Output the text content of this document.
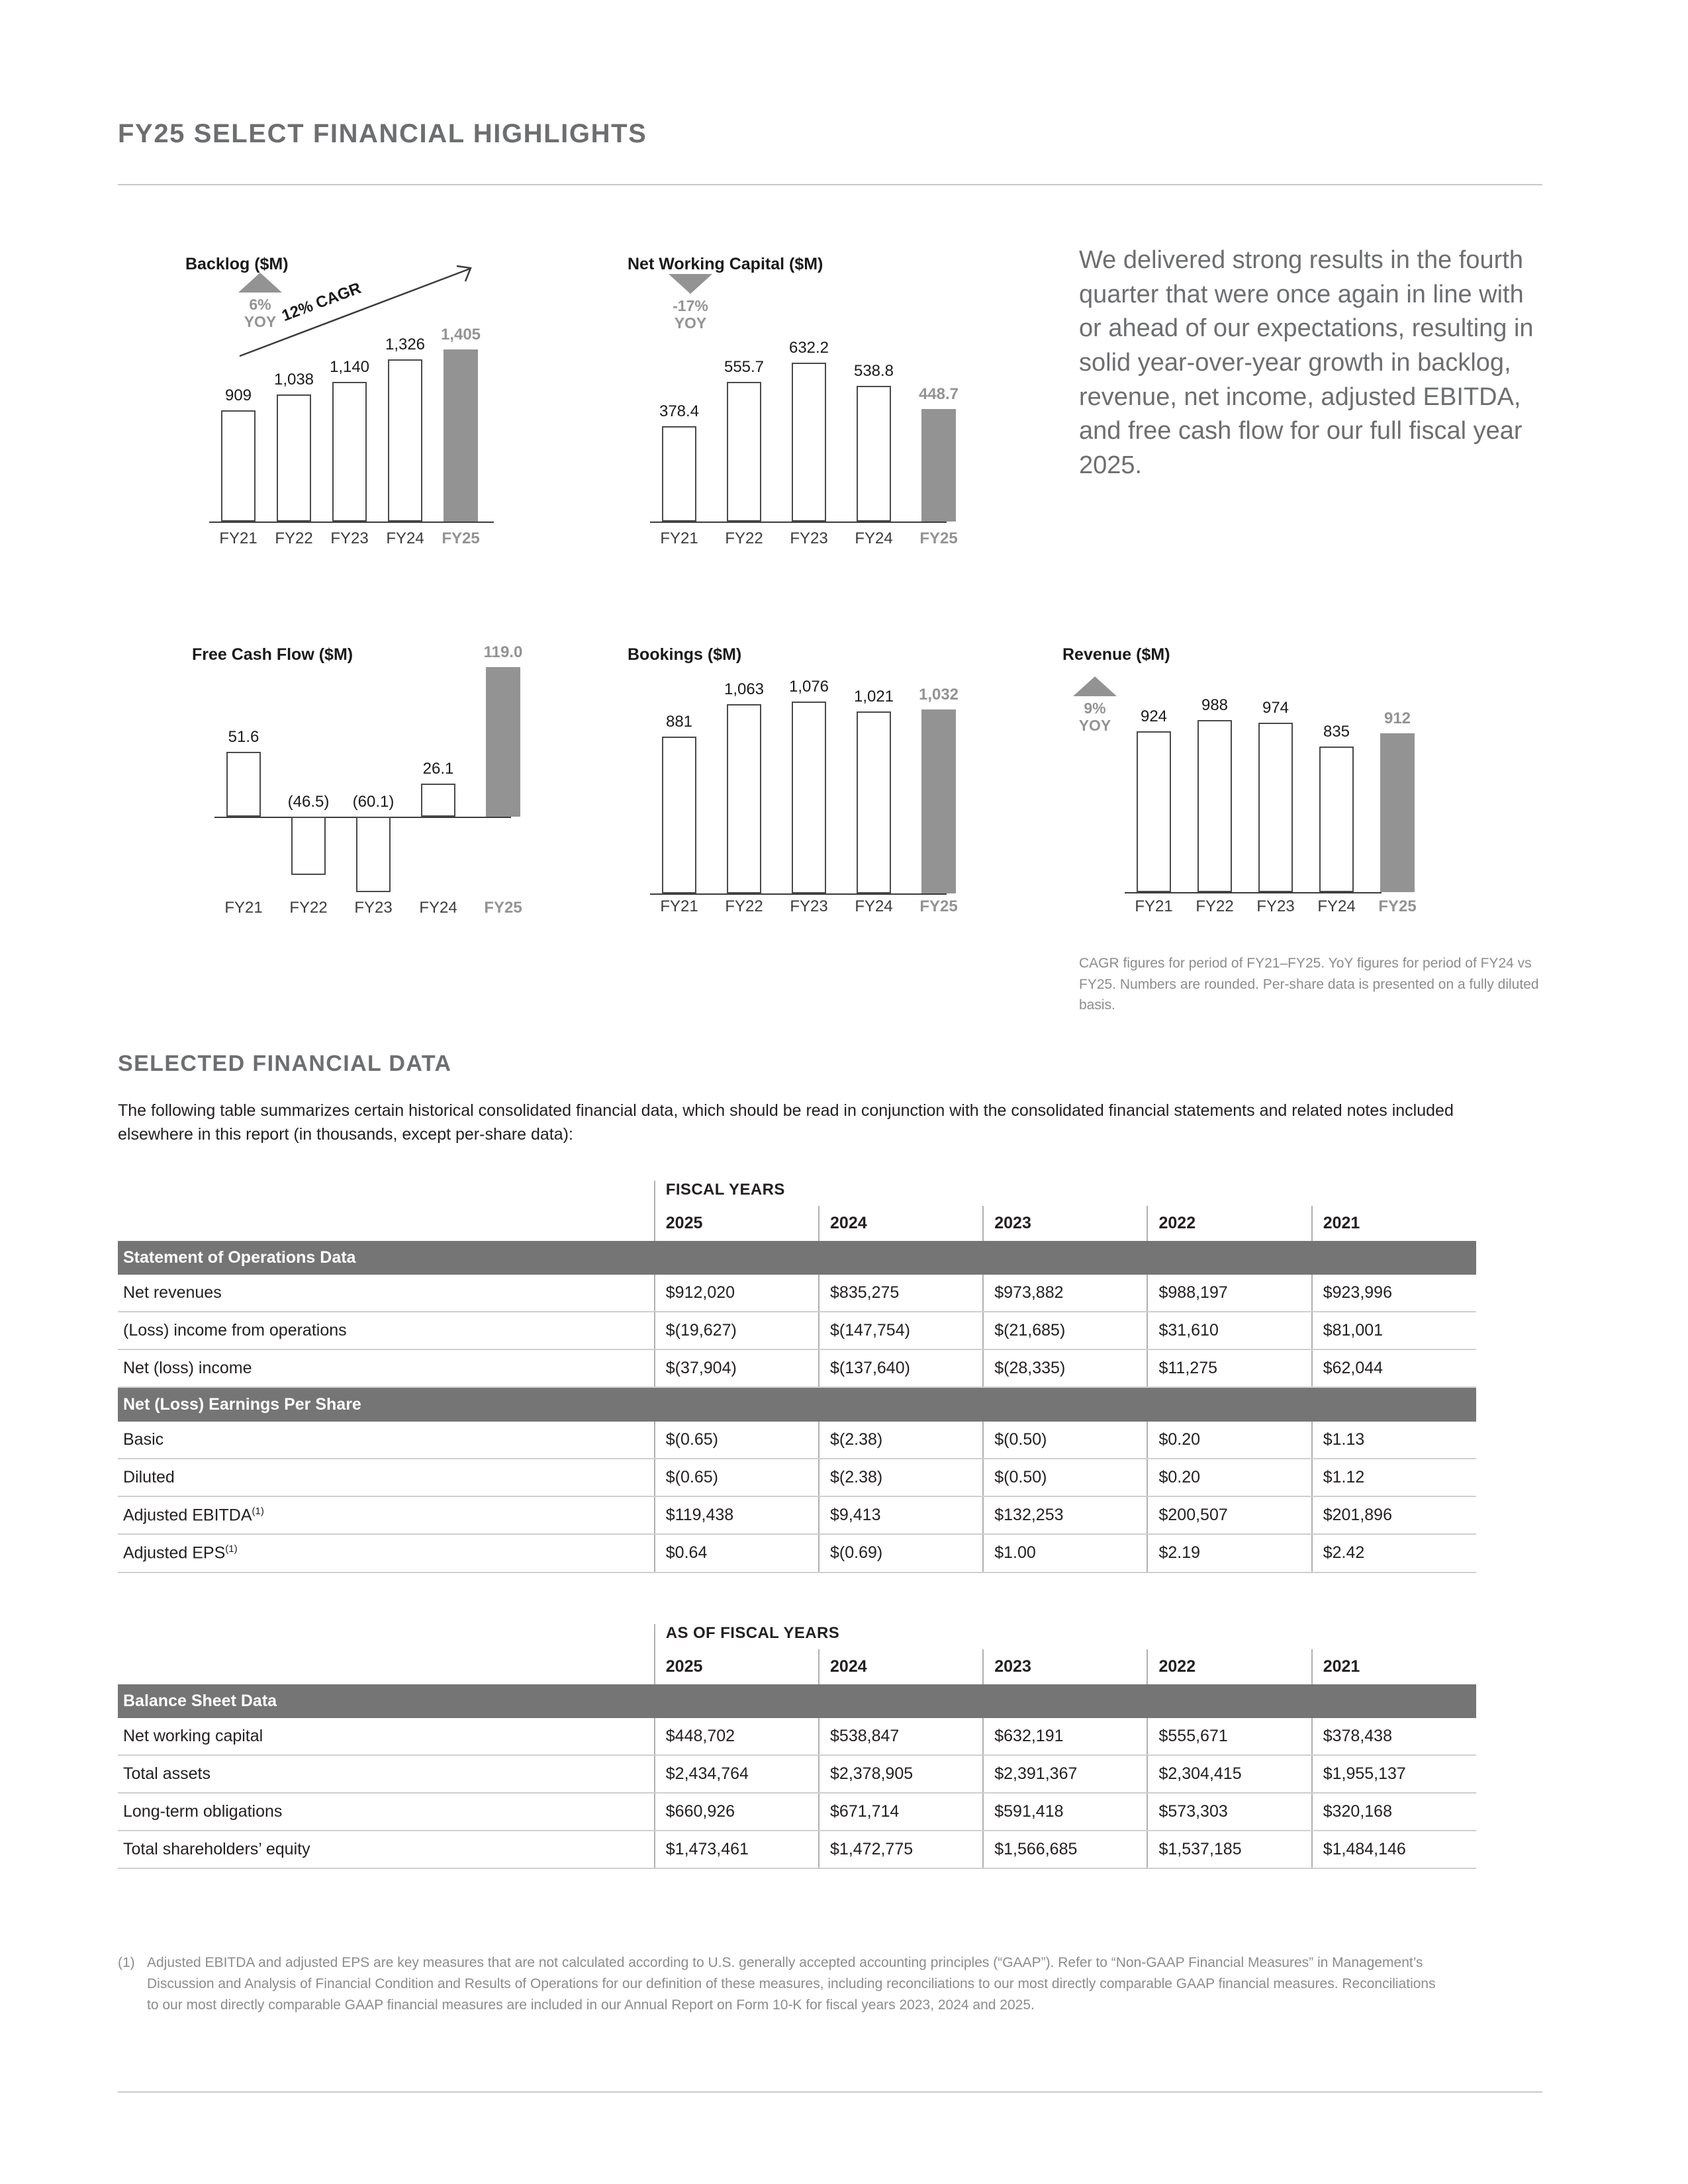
FY25 SELECT FINANCIAL HIGHLIGHTS
Backlog ($M)
909
FY21
1,038
FY22
1,140
FY23
1,326
FY24
1,405
FY25
6%
YOY 12% CAGR
Net Working Capital ($M)
378.4
FY21
555.7
FY22
632.2
FY23
538.8
FY24
448.7
FY25
-17%
YOY
We delivered strong results in the fourth quarter that were once again in line with or ahead of our expectations, resulting in solid year-over-year growth in backlog, revenue, net income, adjusted EBITDA, and free cash flow for our full fiscal year 2025.
Free Cash Flow ($M)
51.6
FY21
(46.5)
FY22
(60.1)
FY23
26.1
FY24
119.0
FY25
Bookings ($M)
881
FY21
1,063
FY22
1,076
FY23
1,021
FY24
1,032
FY25
Revenue ($M)
924
FY21
988
FY22
974
FY23
835
FY24
912
FY25
9%
YOY
CAGR figures for period of FY21–FY25. YoY figures for period of FY24 vs FY25. Numbers are rounded. Per-share data is presented on a fully diluted basis.
SELECTED FINANCIAL DATA
The following table summarizes certain historical consolidated financial data, which should be read in conjunction with the consolidated financial statements and related notes included elsewhere in this report (in thousands, except per-share data):
	FISCAL YEARS				
	2025	2024	2023	2022	2021
Statement of Operations Data					
Net revenues	$912,020	$835,275	$973,882	$988,197	$923,996
(Loss) income from operations	$(19,627)	$(147,754)	$(21,685)	$31,610	$81,001
Net (loss) income	$(37,904)	$(137,640)	$(28,335)	$11,275	$62,044
Net (Loss) Earnings Per Share					
Basic	$(0.65)	$(2.38)	$(0.50)	$0.20	$1.13
Diluted	$(0.65)	$(2.38)	$(0.50)	$0.20	$1.12
Adjusted EBITDA$^{(1)}$	$119,438	$9,413	$132,253	$200,507	$201,896
Adjusted EPS$^{(1)}$	$0.64	$(0.69)	$1.00	$2.19	$2.42
	AS OF FISCAL YEARS				
	2025	2024	2023	2022	2021
Balance Sheet Data					
Net working capital	$448,702	$538,847	$632,191	$555,671	$378,438
Total assets	$2,434,764	$2,378,905	$2,391,367	$2,304,415	$1,955,137
Long-term obligations	$660,926	$671,714	$591,418	$573,303	$320,168
Total shareholders’ equity	$1,473,461	$1,472,775	$1,566,685	$1,537,185	$1,484,146
(1) Adjusted EBITDA and adjusted EPS are key measures that are not calculated according to U.S. generally accepted accounting principles (“GAAP”). Refer to “Non-GAAP Financial Measures” in Management’s Discussion and Analysis of Financial Condition and Results of Operations for our definition of these measures, including reconciliations to our most directly comparable GAAP financial measures. Reconciliations to our most directly comparable GAAP financial measures are included in our Annual Report on Form 10-K for fiscal years 2023, 2024 and 2025.
